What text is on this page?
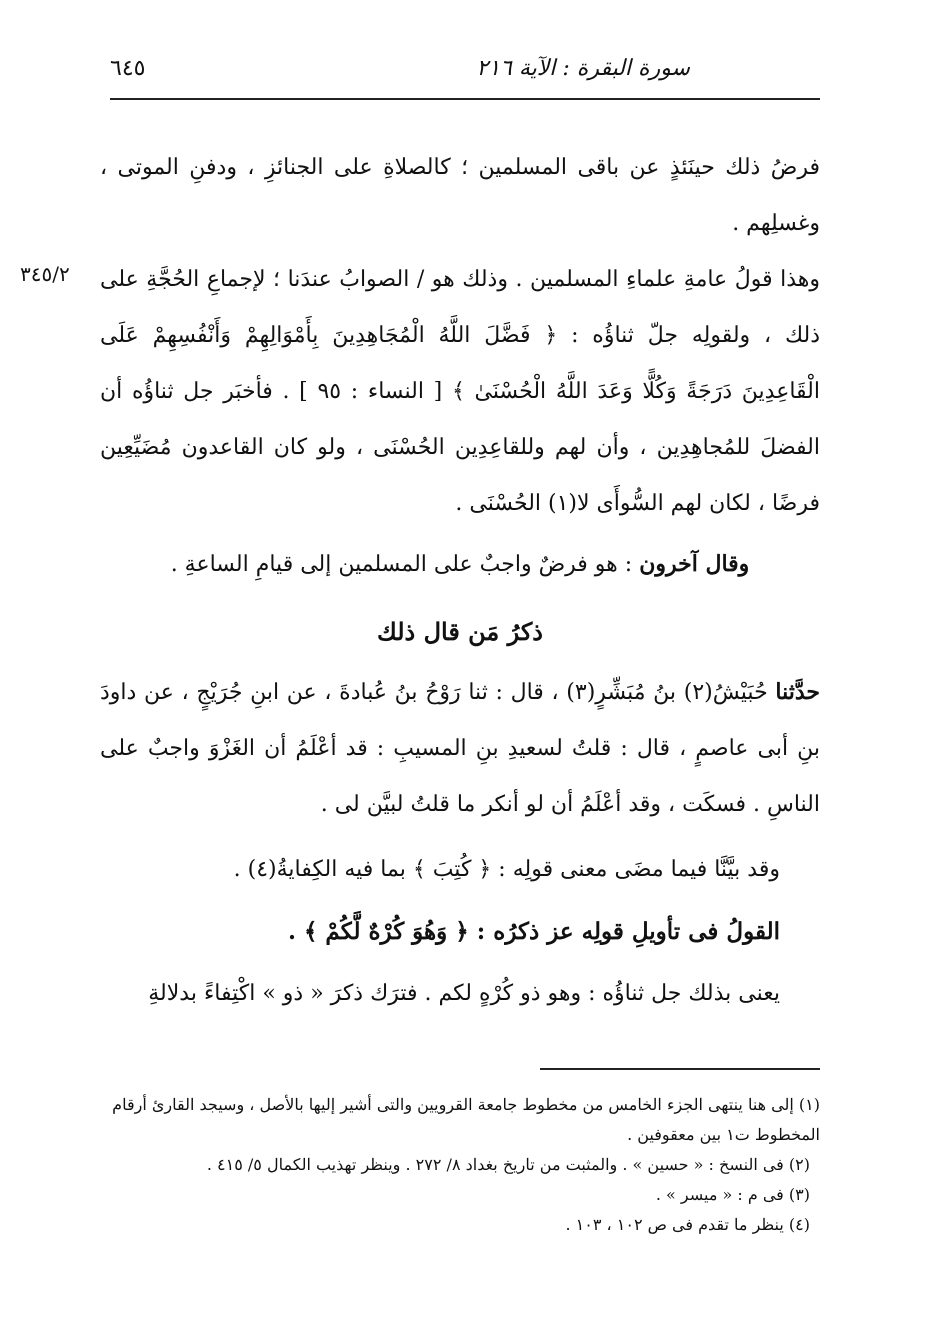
٦٤٥	سورة البقرة : الآية ٢١٦
فرضُ ذلك حينَئذٍ عن باقى المسلمين ؛ كالصلاةِ على الجنائزِ ، ودفنِ الموتى ، وغسلِهم .
٣٤٥/٢ وهذا قولُ عامةِ علماءِ المسلمين . وذلك هو / الصوابُ عندَنا ؛ لإجماعِ الحُجَّةِ على ذلك ، ولقولِه جلّ ثناؤُه : ﴿ فَضَّلَ اللَّهُ الْمُجَاهِدِينَ بِأَمْوَالِهِمْ وَأَنْفُسِهِمْ عَلَى الْقَاعِدِينَ دَرَجَةً وَكُلًّا وَعَدَ اللَّهُ الْحُسْنَىٰ ﴾ [ النساء : ٩٥ ] . فأخبَر جل ثناؤُه أن الفضلَ للمُجاهِدِين ، وأن لهم وللقاعِدِين الحُسْنَى ، ولو كان القاعدون مُضَيِّعِين فرضًا ، لكان لهم السُّوأَى لا(١) الحُسْنَى .
وقال آخرون : هو فرضٌ واجبٌ على المسلمين إلى قيامِ الساعةِ .
ذكرُ مَن قال ذلك
حدَّثنا حُبَيْشُ(٢) بنُ مُبَشِّرٍ(٣) ، قال : ثنا رَوْحُ بنُ عُبادةَ ، عن ابنِ جُرَيْجٍ ، عن داودَ بنِ أبى عاصمٍ ، قال : قلتُ لسعيدِ بنِ المسيبِ : قد أعْلَمُ أن الغَزْوَ واجبٌ على الناسِ . فسكَت ، وقد أعْلَمُ أن لو أنكر ما قلتُ لبيَّن لى .
وقد بيَّنَّا فيما مضَى معنى قولِه : ﴿ كُتِبَ ﴾ بما فيه الكِفايةُ(٤) .
القولُ فى تأويلِ قولِه عز ذكرُه : ﴿ وَهُوَ كُرْهٌ لَّكُمْ ﴾ .
يعنى بذلك جل ثناؤُه : وهو ذو كُرْهٍ لكم . فترَك ذكرَ « ذو » اكْتِفاءً بدلالةِ

(١) إلى هنا ينتهى الجزء الخامس من مخطوط جامعة القرويين والتى أشير إليها بالأصل ، وسيجد القارئ أرقام المخطوط ت١ بين معقوفين .

(٢) فى النسخ : « حسين » . والمثبت من تاريخ بغداد ٨/ ٢٧٢ . وينظر تهذيب الكمال ٥/ ٤١٥ .

(٣) فى م : « ميسر » .

(٤) ينظر ما تقدم فى ص ١٠٢ ، ١٠٣ .
